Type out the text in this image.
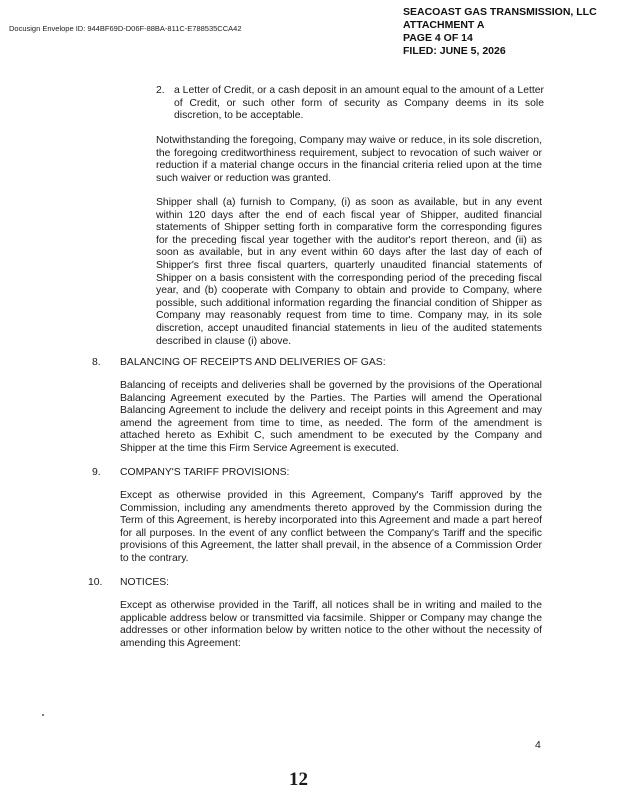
Docusign Envelope ID: 944BF69D-D06F-88BA-811C-E788535CCA42
SEACOAST GAS TRANSMISSION, LLC
ATTACHMENT A
PAGE 4 OF 14
FILED: JUNE 5, 2026
2. a Letter of Credit, or a cash deposit in an amount equal to the amount of a Letter of Credit, or such other form of security as Company deems in its sole discretion, to be acceptable.
Notwithstanding the foregoing, Company may waive or reduce, in its sole discretion, the foregoing creditworthiness requirement, subject to revocation of such waiver or reduction if a material change occurs in the financial criteria relied upon at the time such waiver or reduction was granted.
Shipper shall (a) furnish to Company, (i) as soon as available, but in any event within 120 days after the end of each fiscal year of Shipper, audited financial statements of Shipper setting forth in comparative form the corresponding figures for the preceding fiscal year together with the auditor's report thereon, and (ii) as soon as available, but in any event within 60 days after the last day of each of Shipper's first three fiscal quarters, quarterly unaudited financial statements of Shipper on a basis consistent with the corresponding period of the preceding fiscal year, and (b) cooperate with Company to obtain and provide to Company, where possible, such additional information regarding the financial condition of Shipper as Company may reasonably request from time to time. Company may, in its sole discretion, accept unaudited financial statements in lieu of the audited statements described in clause (i) above.
8. BALANCING OF RECEIPTS AND DELIVERIES OF GAS:
Balancing of receipts and deliveries shall be governed by the provisions of the Operational Balancing Agreement executed by the Parties. The Parties will amend the Operational Balancing Agreement to include the delivery and receipt points in this Agreement and may amend the agreement from time to time, as needed. The form of the amendment is attached hereto as Exhibit C, such amendment to be executed by the Company and Shipper at the time this Firm Service Agreement is executed.
9. COMPANY'S TARIFF PROVISIONS:
Except as otherwise provided in this Agreement, Company's Tariff approved by the Commission, including any amendments thereto approved by the Commission during the Term of this Agreement, is hereby incorporated into this Agreement and made a part hereof for all purposes. In the event of any conflict between the Company's Tariff and the specific provisions of this Agreement, the latter shall prevail, in the absence of a Commission Order to the contrary.
10. NOTICES:
Except as otherwise provided in the Tariff, all notices shall be in writing and mailed to the applicable address below or transmitted via facsimile. Shipper or Company may change the addresses or other information below by written notice to the other without the necessity of amending this Agreement:
4
12
